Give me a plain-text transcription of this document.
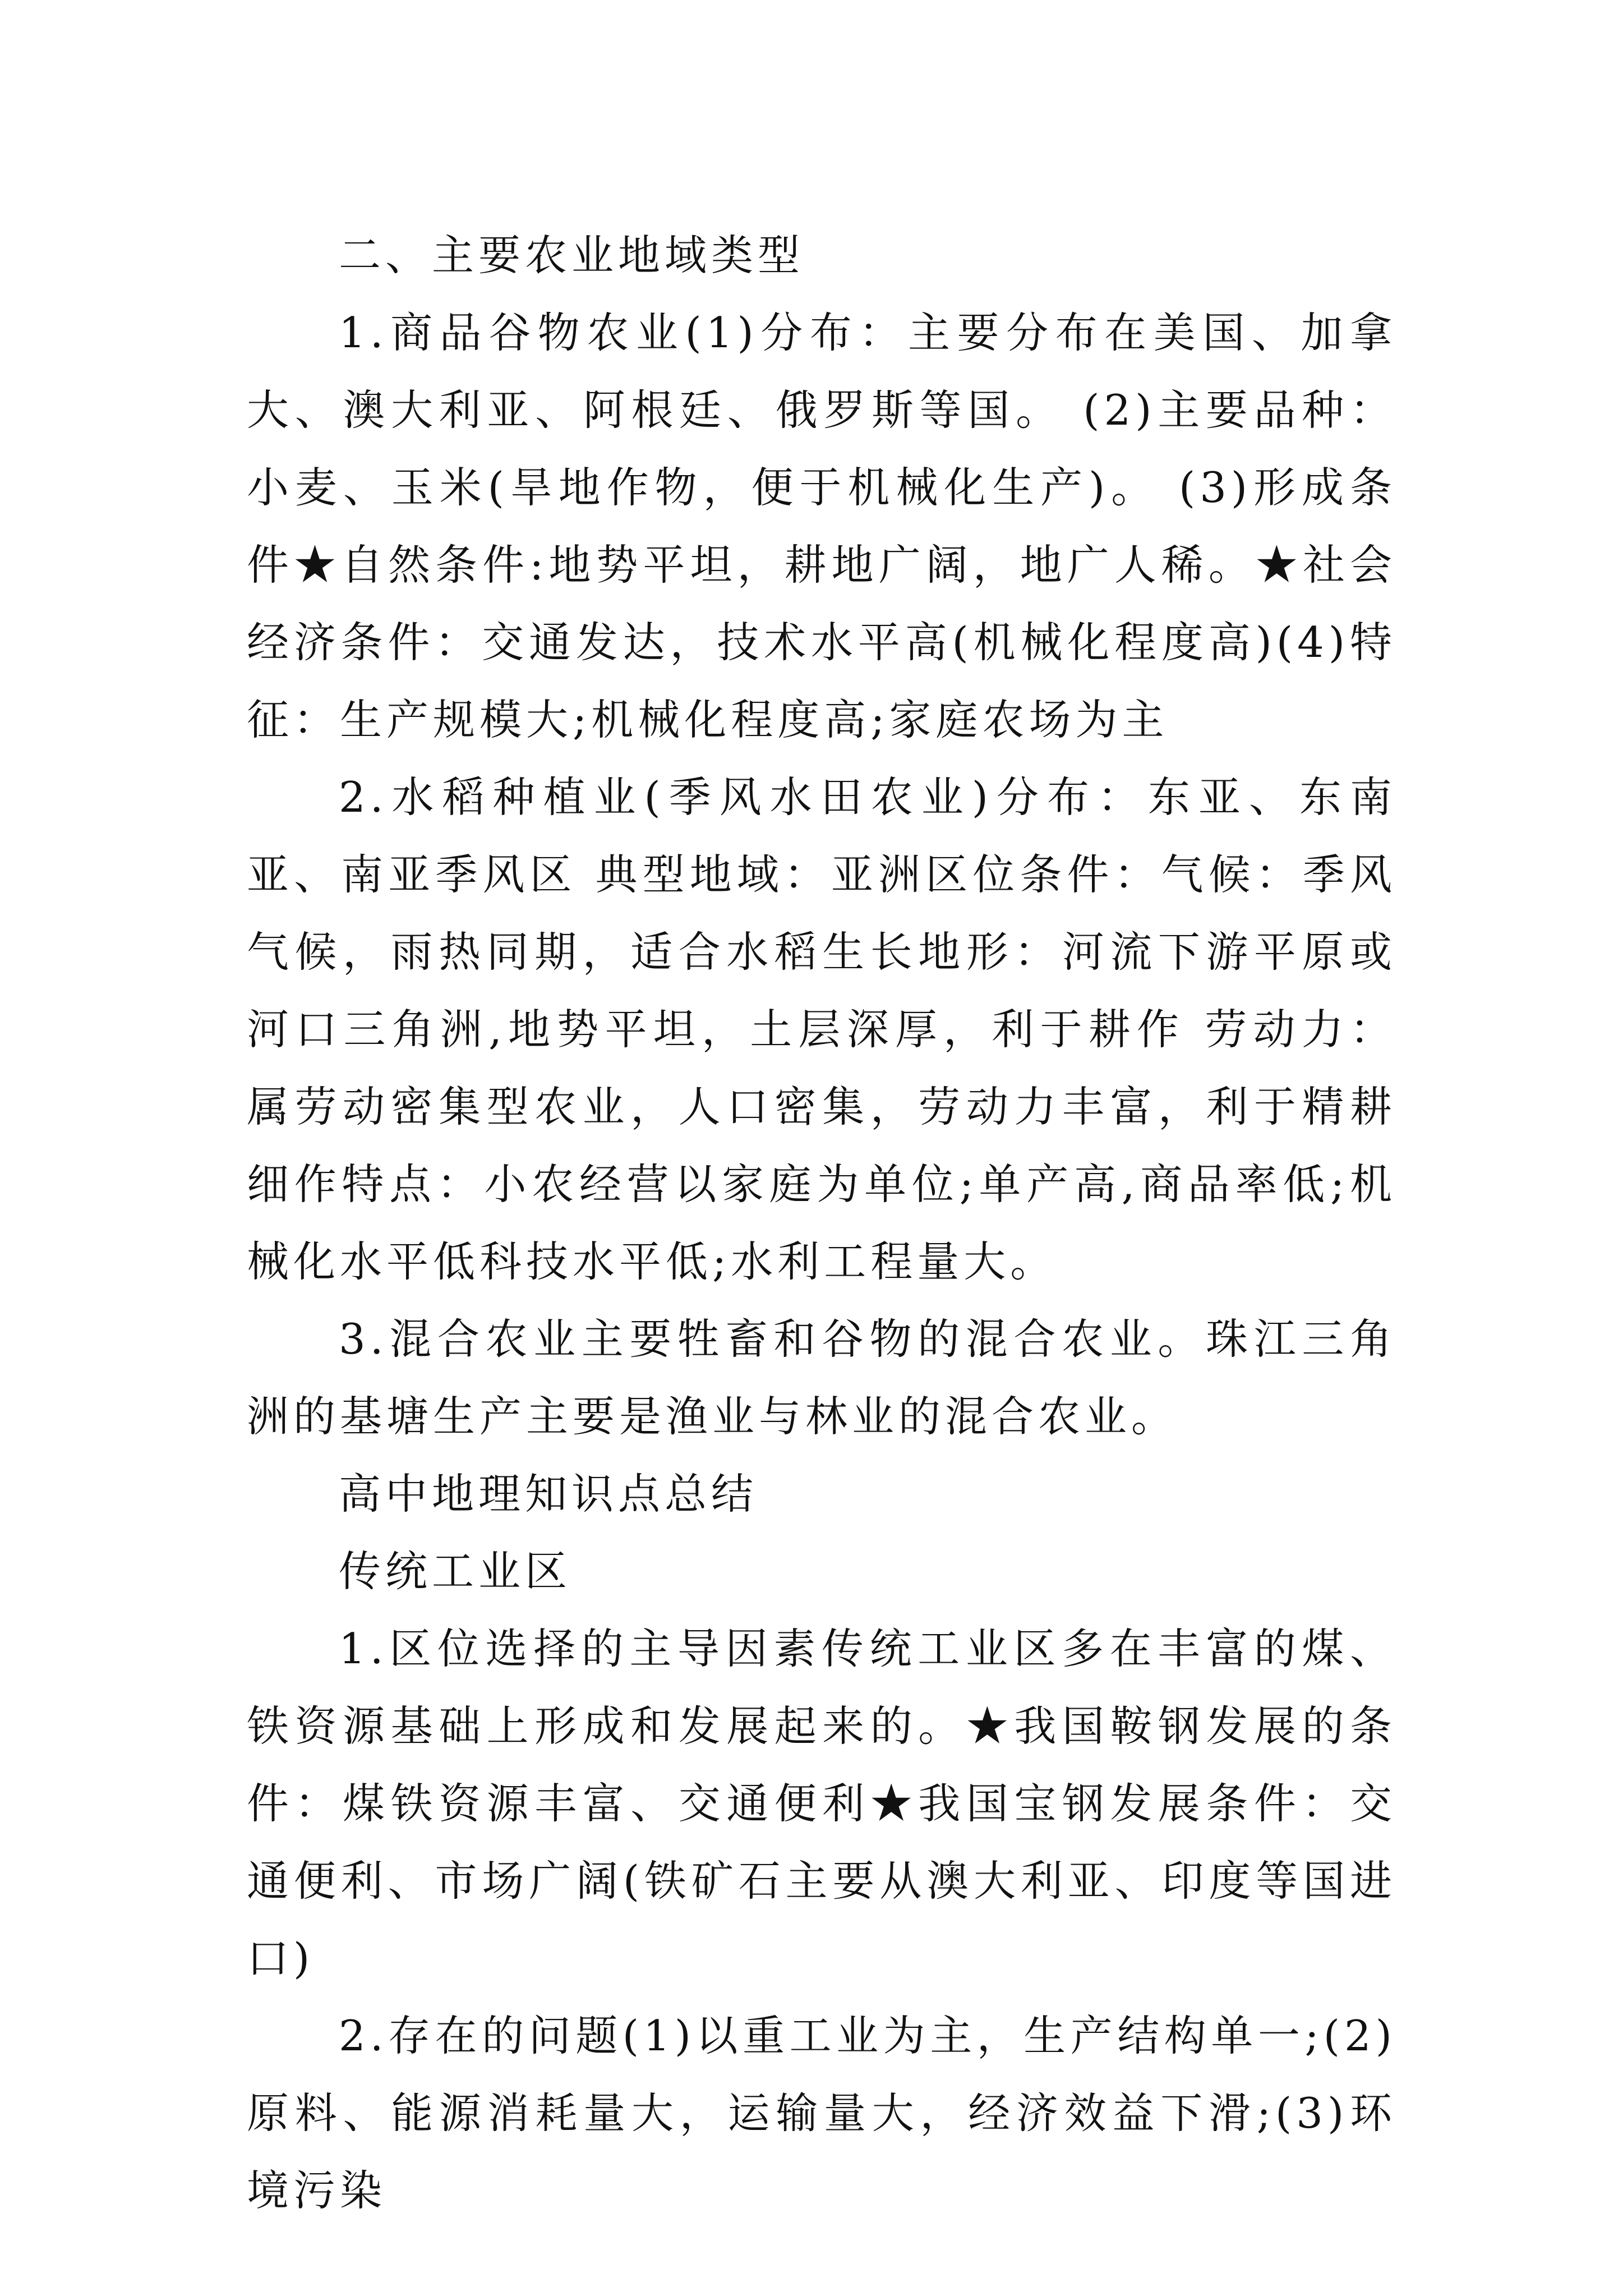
二、主要农业地域类型

1.商品谷物农业(1)分布：主要分布在美国、加拿大、澳大利亚、阿根廷、俄罗斯等国。 (2)主要品种：小麦、玉米(旱地作物，便于机械化生产)。 (3)形成条件★自然条件:地势平坦，耕地广阔，地广人稀。★社会经济条件：交通发达，技术水平高(机械化程度高)(4)特征：生产规模大;机械化程度高;家庭农场为主

2.水稻种植业(季风水田农业)分布：东亚、东南亚、南亚季风区 典型地域：亚洲区位条件：气候：季风气候，雨热同期，适合水稻生长地形：河流下游平原或河口三角洲,地势平坦，土层深厚，利于耕作 劳动力：属劳动密集型农业，人口密集，劳动力丰富，利于精耕细作特点：小农经营以家庭为单位;单产高,商品率低;机械化水平低科技水平低;水利工程量大。

3.混合农业主要牲畜和谷物的混合农业。珠江三角洲的基塘生产主要是渔业与林业的混合农业。

高中地理知识点总结

传统工业区

1.区位选择的主导因素传统工业区多在丰富的煤、铁资源基础上形成和发展起来的。★我国鞍钢发展的条件：煤铁资源丰富、交通便利★我国宝钢发展条件：交通便利、市场广阔(铁矿石主要从澳大利亚、印度等国进口)

2.存在的问题(1)以重工业为主，生产结构单一;(2)原料、能源消耗量大，运输量大，经济效益下滑;(3)环境污染
